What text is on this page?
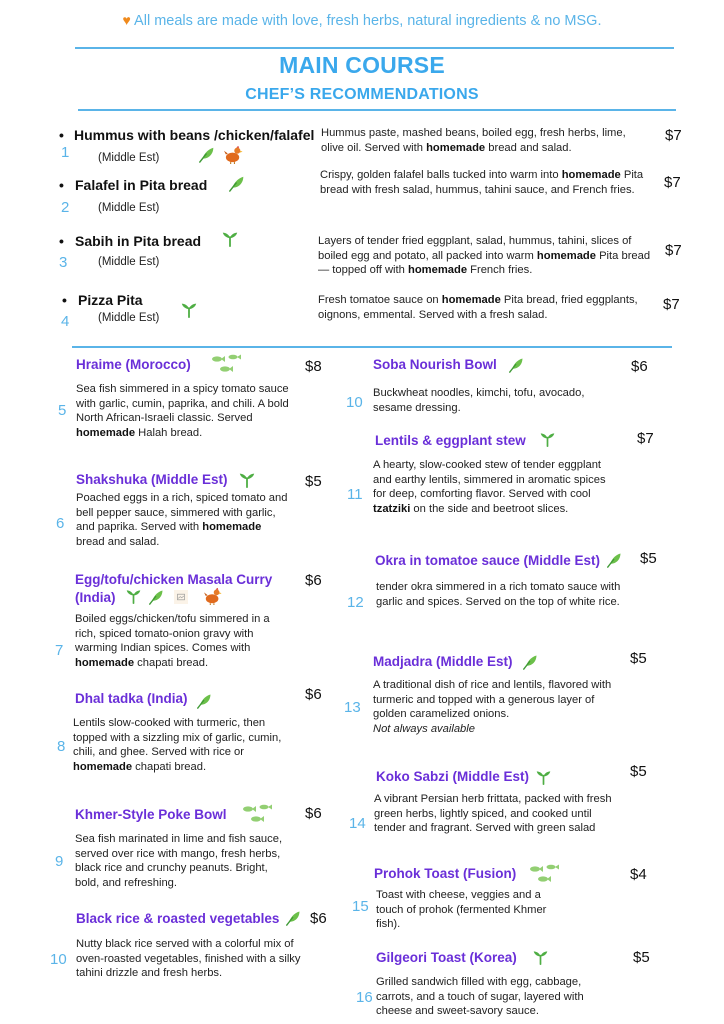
♥ All meals are made with love, fresh herbs, natural ingredients & no MSG.
MAIN COURSE
CHEF’S RECOMMENDATIONS
• Hummus with beans /chicken/falafel
1 (Middle Est)
Hummus paste, mashed beans, boiled egg, fresh herbs, lime, olive oil. Served with homemade bread and salad.
$7
• Falafel in Pita bread
2 (Middle Est)
Crispy, golden falafel balls tucked into warm into homemade Pita bread with fresh salad, hummus, tahini sauce, and French fries.	$7
• Sabih in Pita bread
3	(Middle Est)
Layers of tender fried eggplant, salad, hummus, tahini, slices of boiled egg and potato, all packed into warm homemade Pita bread — topped off with homemade French fries.
$7
• Pizza Pita
4 (Middle Est)
Fresh tomatoe sauce on homemade Pita bread, fried eggplants, oignons, emmental. Served with a fresh salad.
$7
Hraime (Morocco)	$8
5
Sea fish simmered in a spicy tomato sauce with garlic, cumin, paprika, and chili. A bold North African-Israeli classic. Served homemade Halah bread.
Shakshuka (Middle Est)	$5
6
Poached eggs in a rich, spiced tomato and bell pepper sauce, simmered with garlic, and paprika. Served with homemade bread and salad.
Egg/tofu/chicken Masala Curry
(India)
$6
7
Boiled eggs/chicken/tofu simmered in a rich, spiced tomato-onion gravy with warming Indian spices. Comes with homemade chapati bread.
Dhal tadka (India)	$6
8
Lentils slow-cooked with turmeric, then topped with a sizzling mix of garlic, cumin, chili, and ghee. Served with rice or homemade chapati bread.
Khmer-Style Poke Bowl	$6
9
Sea fish marinated in lime and fish sauce, served over rice with mango, fresh herbs, black rice and crunchy peanuts. Bright, bold, and refreshing.
Black rice & roasted vegetables $6
10
Nutty black rice served with a colorful mix of oven-roasted vegetables, finished with a silky tahini drizzle and fresh herbs.
Soba Nourish Bowl	$6
10
Buckwheat noodles, kimchi, tofu, avocado, sesame dressing.
Lentils & eggplant stew	$7
11
A hearty, slow-cooked stew of tender eggplant and earthy lentils, simmered in aromatic spices for deep, comforting flavor. Served with cool tzatziki on the side and beetroot slices.
Okra in tomatoe sauce (Middle Est)	$5
12
tender okra simmered in a rich tomato sauce with garlic and spices. Served on the top of white rice.
Madjadra (Middle Est)	$5
13
A traditional dish of rice and lentils, flavored with turmeric and topped with a generous layer of golden caramelized onions.
Not always available
Koko Sabzi (Middle Est)	$5
14
A vibrant Persian herb frittata, packed with fresh green herbs, lightly spiced, and cooked until tender and fragrant. Served with green salad
Prohok Toast (Fusion)	$4
15
Toast with cheese, veggies and a touch of prohok (fermented Khmer fish).
Gilgeori Toast (Korea)	$5
16
Grilled sandwich filled with egg, cabbage, carrots, and a touch of sugar, layered with cheese and sweet-savory sauce.
